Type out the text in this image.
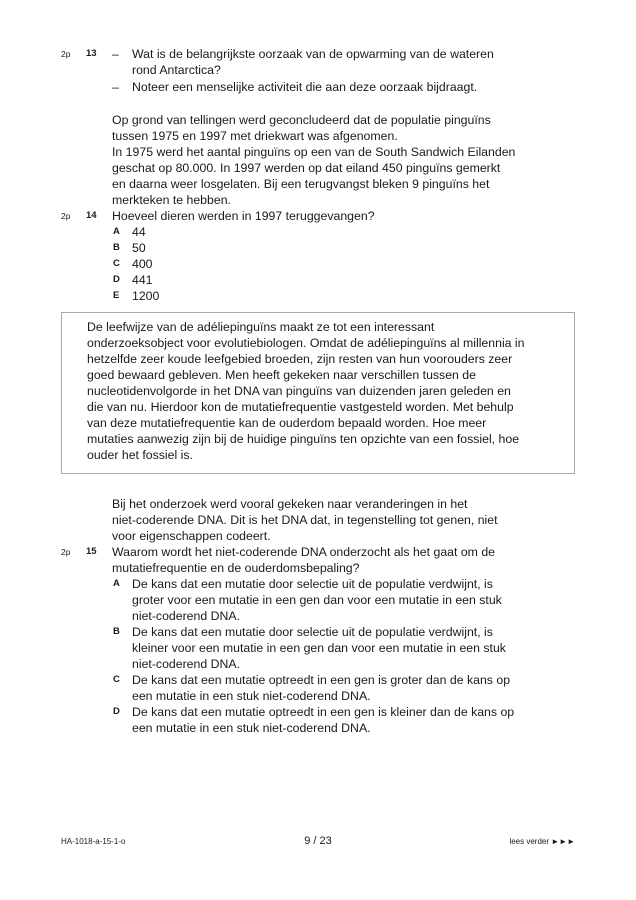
2p 13 – Wat is de belangrijkste oorzaak van de opwarming van de wateren
rond Antarctica?
– Noteer een menselijke activiteit die aan deze oorzaak bijdraagt.
Op grond van tellingen werd geconcludeerd dat de populatie pinguïns
tussen 1975 en 1997 met driekwart was afgenomen.
In 1975 werd het aantal pinguïns op een van de South Sandwich Eilanden
geschat op 80.000. In 1997 werden op dat eiland 450 pinguïns gemerkt
en daarna weer losgelaten. Bij een terugvangst bleken 9 pinguïns het
merkteken te hebben.
2p 14 Hoeveel dieren werden in 1997 teruggevangen?
A 44
B 50
C 400
D 441
E 1200
De leefwijze van de adéliepinguïns maakt ze tot een interessant
onderzoeksobject voor evolutiebiologen. Omdat de adéliepinguïns al millennia in
hetzelfde zeer koude leefgebied broeden, zijn resten van hun voorouders zeer
goed bewaard gebleven. Men heeft gekeken naar verschillen tussen de
nucleotidenvolgorde in het DNA van pinguïns van duizenden jaren geleden en
die van nu. Hierdoor kon de mutatiefrequentie vastgesteld worden. Met behulp
van deze mutatiefrequentie kan de ouderdom bepaald worden. Hoe meer
mutaties aanwezig zijn bij de huidige pinguïns ten opzichte van een fossiel, hoe
ouder het fossiel is.
Bij het onderzoek werd vooral gekeken naar veranderingen in het
niet-coderende DNA. Dit is het DNA dat, in tegenstelling tot genen, niet
voor eigenschappen codeert.
2p 15 Waarom wordt het niet-coderende DNA onderzocht als het gaat om de
mutatiefrequentie en de ouderdomsbepaling?
A De kans dat een mutatie door selectie uit de populatie verdwijnt, is
groter voor een mutatie in een gen dan voor een mutatie in een stuk
niet-coderend DNA.
B De kans dat een mutatie door selectie uit de populatie verdwijnt, is
kleiner voor een mutatie in een gen dan voor een mutatie in een stuk
niet-coderend DNA.
C De kans dat een mutatie optreedt in een gen is groter dan de kans op
een mutatie in een stuk niet-coderend DNA.
D De kans dat een mutatie optreedt in een gen is kleiner dan de kans op
een mutatie in een stuk niet-coderend DNA.
HA-1018-a-15-1-o	9 / 23	lees verder ►►►
